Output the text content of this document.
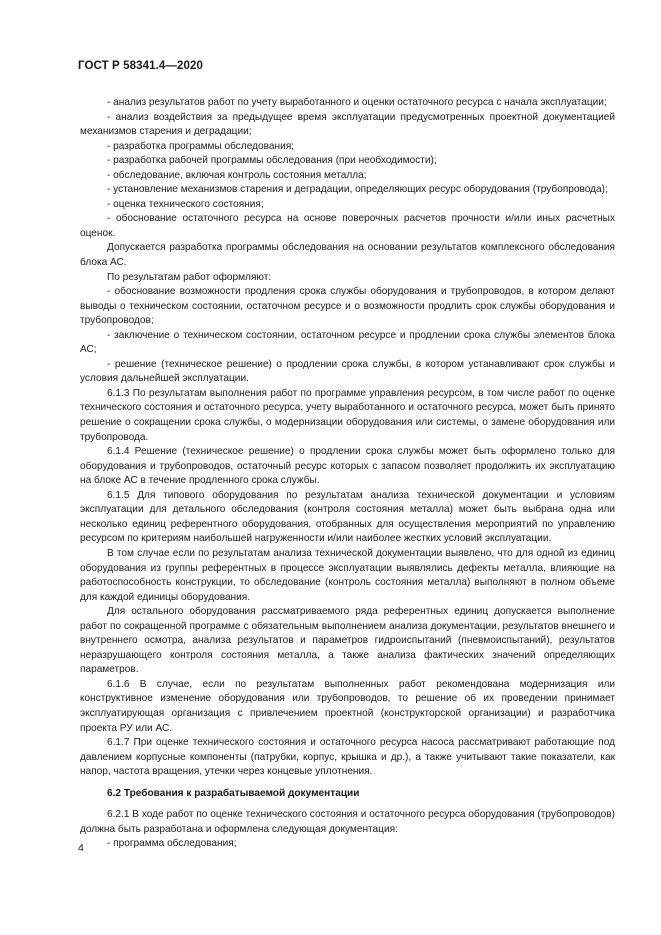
ГОСТ Р 58341.4—2020

- анализ результатов работ по учету выработанного и оценки остаточного ресурса с начала эксплуатации;

- анализ воздействия за предыдущее время эксплуатации предусмотренных проектной документацией механизмов старения и деградации;

- разработка программы обследования;

- разработка рабочей программы обследования (при необходимости);

- обследование, включая контроль состояния металла;

- установление механизмов старения и деградации, определяющих ресурс оборудования (трубопровода);

- оценка технического состояния;

- обоснование остаточного ресурса на основе поверочных расчетов прочности и/или иных расчетных оценок.

Допускается разработка программы обследования на основании результатов комплексного обследования блока АС.

По результатам работ оформляют:

- обоснование возможности продления срока службы оборудования и трубопроводов, в котором делают выводы о техническом состоянии, остаточном ресурсе и о возможности продлить срок службы оборудования и трубопроводов;

- заключение о техническом состоянии, остаточном ресурсе и продлении срока службы элементов блока АС;

- решение (техническое решение) о продлении срока службы, в котором устанавливают срок службы и условия дальнейшей эксплуатации.

6.1.3 По результатам выполнения работ по программе управления ресурсом, в том числе работ по оценке технического состояния и остаточного ресурса, учету выработанного и остаточного ресурса, может быть принято решение о сокращении срока службы, о модернизации оборудования или системы, о замене оборудования или трубопровода.

6.1.4 Решение (техническое решение) о продлении срока службы может быть оформлено только для оборудования и трубопроводов, остаточный ресурс которых с запасом позволяет продолжить их эксплуатацию на блоке АС в течение продленного срока службы.

6.1.5 Для типового оборудования по результатам анализа технической документации и условиям эксплуатации для детального обследования (контроля состояния металла) может быть выбрана одна или несколько единиц референтного оборудования, отобранных для осуществления мероприятий по управлению ресурсом по критериям наибольшей нагруженности и/или наиболее жестких условий эксплуатации.

В том случае если по результатам анализа технической документации выявлено, что для одной из единиц оборудования из группы референтных в процессе эксплуатации выявлялись дефекты металла, влияющие на работоспособность конструкции, то обследование (контроль состояния металла) выполняют в полном объеме для каждой единицы оборудования.

Для остального оборудования рассматриваемого ряда референтных единиц допускается выполнение работ по сокращенной программе с обязательным выполнением анализа документации, результатов внешнего и внутреннего осмотра, анализа результатов и параметров гидроиспытаний (пневмоиспытаний), результатов неразрушающего контроля состояния металла, а также анализа фактических значений определяющих параметров.

6.1.6 В случае, если по результатам выполненных работ рекомендована модернизация или конструктивное изменение оборудования или трубопроводов, то решение об их проведении принимает эксплуатирующая организация с привлечением проектной (конструкторской организации) и разработчика проекта РУ или АС.

6.1.7 При оценке технического состояния и остаточного ресурса насоса рассматривают работающие под давлением корпусные компоненты (патрубки, корпус, крышка и др.), а также учитывают такие показатели, как напор, частота вращения, утечки через концевые уплотнения.

6.2 Требования к разрабатываемой документации

6.2.1 В ходе работ по оценке технического состояния и остаточного ресурса оборудования (трубопроводов) должна быть разработана и оформлена следующая документация:

- программа обследования;

4
